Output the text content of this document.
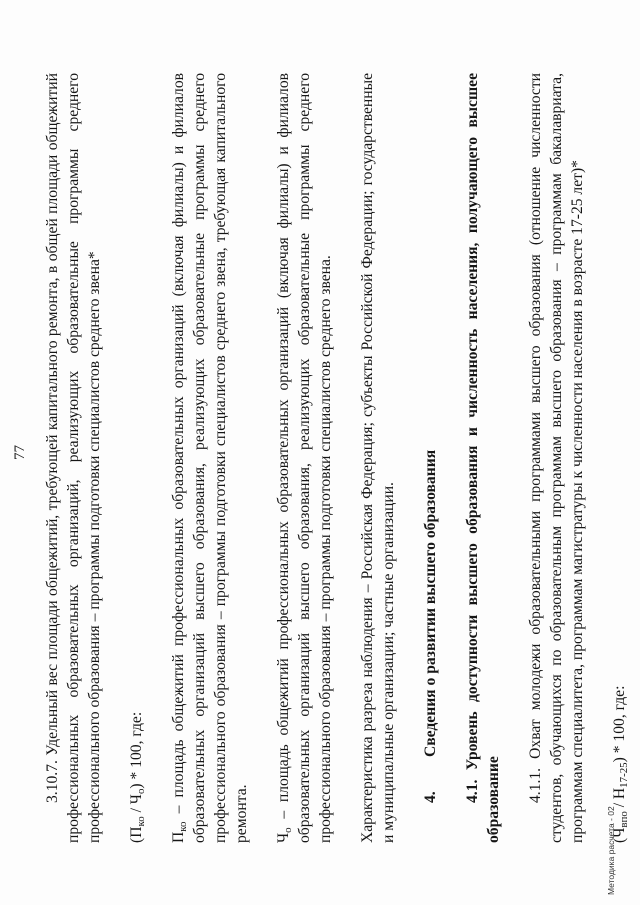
77

3.10.7. Удельный вес площади общежитий, требующей капитального ремонта, в общей площади общежитий профессиональных образовательных организаций, реализующих образовательные программы среднего профессионального образования – программы подготовки специалистов среднего звена* $(П_{ко} / Ч_о) * 100$, где:

$П_{ко}$ – площадь общежитий профессиональных образовательных организаций (включая филиалы) и филиалов образовательных организаций высшего образования, реализующих образовательные программы среднего профессионального образования – программы подготовки специалистов среднего звена, требующая капитального ремонта. $Ч_о$ – площадь общежитий профессиональных образовательных организаций (включая филиалы) и филиалов образовательных организаций высшего образования, реализующих образовательные программы среднего профессионального образования – программы подготовки специалистов среднего звена. Характеристика разреза наблюдения – Российская Федерация; субъекты Российской Федерации; государственные и муниципальные организации; частные организации. 4.Сведения о развитии высшего образования

4.1. Уровень доступности высшего образования и численность населения, получающего высшее образование 4.1.1. Охват молодежи образовательными программами высшего образования (отношение численности студентов, обучающихся по образовательным программам высшего образования – программам бакалавриата, программам специалитета, программам магистратуры к численности населения в возрасте 17-25 лет)* $(Ч_{впо} / Н_{17-25}) * 100$, где:

Методика расчета - 02
